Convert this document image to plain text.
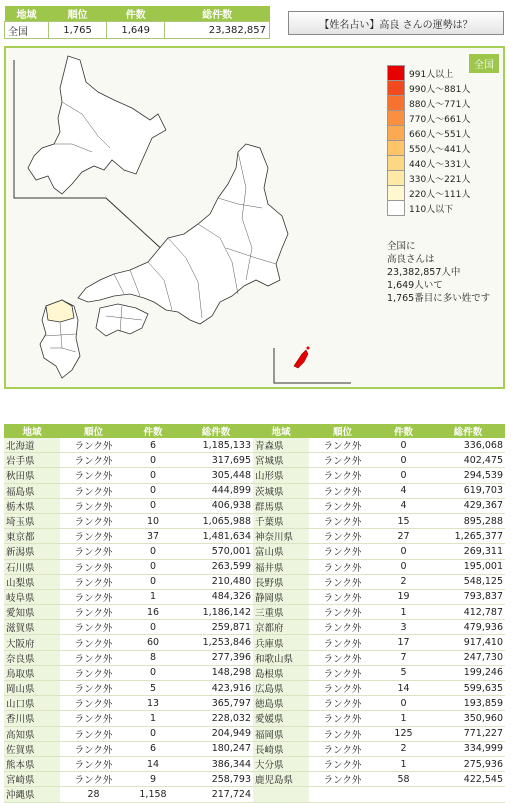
地域	順位	件数	総件数
全国	1,765	1,649	23,382,857	【姓名占い】高良 さんの運勢は？
全国
	991人以上
	990人～881人
	880人～771人
	770人～661人
	660人～551人
	550人～441人
	440人～331人
	330人～221人
	220人～111人
	110人以下
全国に
高良さんは
23,382,857人中
1,649人いて
1,765番目に多い姓です
地域	順位	件数	総件数	地域	順位	件数	総件数
北海道	ランク外	6	1,185,133	青森県	ランク外	0	336,068
岩手県	ランク外	0	317,695	宮城県	ランク外	0	402,475
秋田県	ランク外	0	305,448	山形県	ランク外	0	294,539
福島県	ランク外	0	444,899	茨城県	ランク外	4	619,703
栃木県	ランク外	0	406,938	群馬県	ランク外	4	429,367
埼玉県	ランク外	10	1,065,988	千葉県	ランク外	15	895,288
東京都	ランク外	37	1,481,634	神奈川県	ランク外	27	1,265,377
新潟県	ランク外	0	570,001	富山県	ランク外	0	269,311
石川県	ランク外	0	263,599	福井県	ランク外	0	195,001
山梨県	ランク外	0	210,480	長野県	ランク外	2	548,125
岐阜県	ランク外	1	484,326	静岡県	ランク外	19	793,837
愛知県	ランク外	16	1,186,142	三重県	ランク外	1	412,787
滋賀県	ランク外	0	259,871	京都府	ランク外	3	479,936
大阪府	ランク外	60	1,253,846	兵庫県	ランク外	17	917,410
奈良県	ランク外	8	277,396	和歌山県	ランク外	7	247,730
鳥取県	ランク外	0	148,298	島根県	ランク外	5	199,246
岡山県	ランク外	5	423,916	広島県	ランク外	14	599,635
山口県	ランク外	13	365,797	徳島県	ランク外	0	193,859
香川県	ランク外	1	228,032	愛媛県	ランク外	1	350,960
高知県	ランク外	0	204,949	福岡県	ランク外	125	771,227
佐賀県	ランク外	6	180,247	長崎県	ランク外	2	334,999
熊本県	ランク外	14	386,344	大分県	ランク外	1	275,936
宮崎県	ランク外	9	258,793	鹿児島県	ランク外	58	422,545
沖縄県	28	1,158	217,724				
